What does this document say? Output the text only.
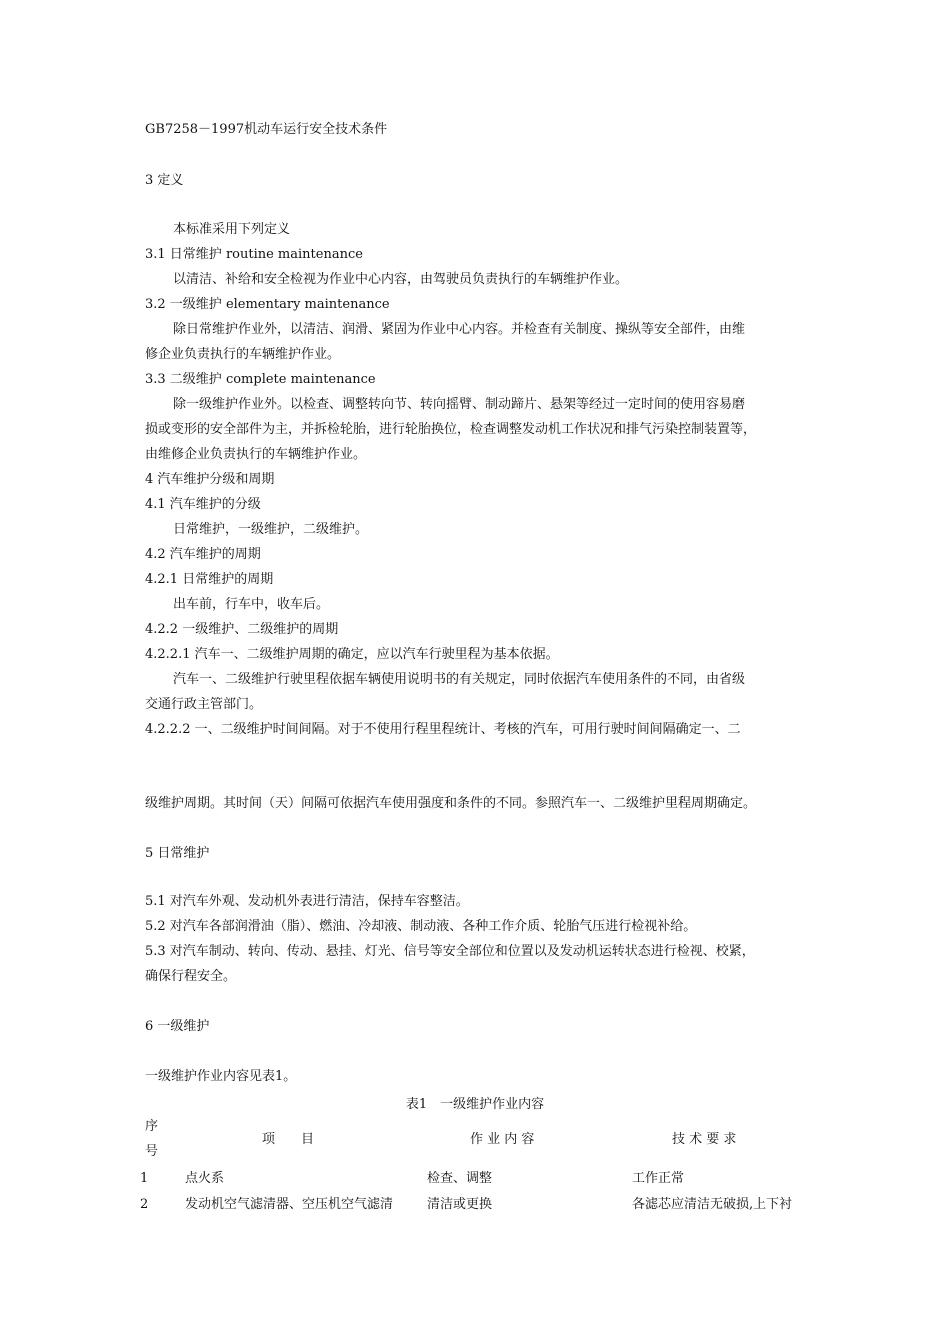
GB7258－1997机动车运行安全技术条件
3 定义
本标准采用下列定义
3.1 日常维护 routine maintenance
以清洁、补给和安全检视为作业中心内容，由驾驶员负责执行的车辆维护作业。
3.2 一级维护 elementary maintenance
除日常维护作业外，以清洁、润滑、紧固为作业中心内容。并检查有关制度、操纵等安全部件，由维
修企业负责执行的车辆维护作业。
3.3 二级维护 complete maintenance
除一级维护作业外。以检查、调整转向节、转向摇臂、制动蹄片、悬架等经过一定时间的使用容易磨
损或变形的安全部件为主，并拆检轮胎，进行轮胎换位，检查调整发动机工作状况和排气污染控制装置等，
由维修企业负责执行的车辆维护作业。
4 汽车维护分级和周期
4.1 汽车维护的分级
日常维护，一级维护，二级维护。
4.2 汽车维护的周期
4.2.1 日常维护的周期
出车前，行车中，收车后。
4.2.2 一级维护、二级维护的周期
4.2.2.1 汽车一、二级维护周期的确定，应以汽车行驶里程为基本依据。
汽车一、二级维护行驶里程依据车辆使用说明书的有关规定，同时依据汽车使用条件的不同，由省级
交通行政主管部门。
4.2.2.2 一、二级维护时间间隔。对于不使用行程里程统计、考核的汽车，可用行驶时间间隔确定一、二
级维护周期。其时间（天）间隔可依据汽车使用强度和条件的不同。参照汽车一、二级维护里程周期确定。
5 日常维护
5.1 对汽车外观、发动机外表进行清洁，保持车容整洁。
5.2 对汽车各部润滑油（脂）、燃油、冷却液、制动液、各种工作介质、轮胎气压进行检视补给。
5.3 对汽车制动、转向、传动、悬挂、灯光、信号等安全部位和位置以及发动机运转状态进行检视、校紧，
确保行程安全。
6 一级维护
一级维护作业内容见表1。
表1　一级维护作业内容
序
号
项　　目	作 业 内 容	技 术 要 求
1	点火系	检查、调整	工作正常
2	发动机空气滤清器、空压机空气滤清	清洁或更换	各滤芯应清洁无破损,上下衬
